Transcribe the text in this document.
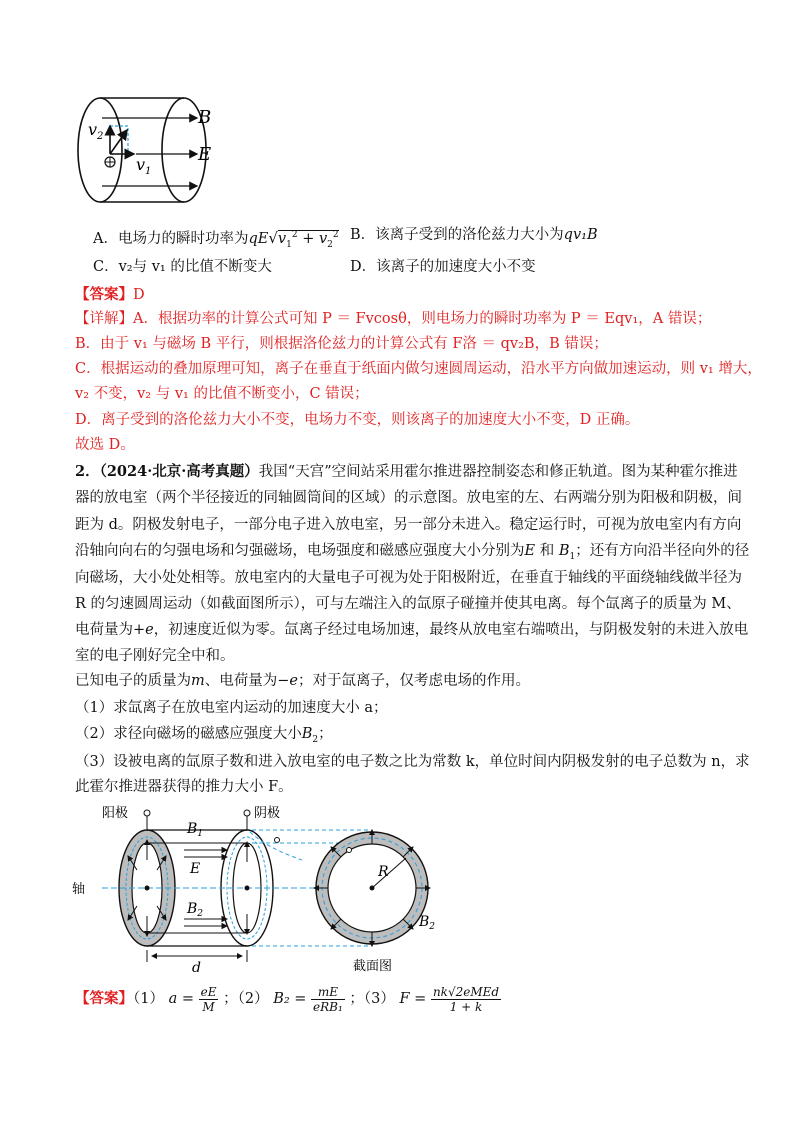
$v_2$
$v_1$
B
E
A．电场力的瞬时功率为$qE√v_1^2 + v_2^2$ B．该离子受到的洛伦兹力大小为qv₁B
C．v₂与 v₁ 的比值不断变大	D．该离子的加速度大小不变
【答案】D
【详解】A．根据功率的计算公式可知 P ＝ Fvcosθ，则电场力的瞬时功率为 P ＝ Eqv₁，A 错误；
B．由于 v₁ 与磁场 B 平行，则根据洛伦兹力的计算公式有 F洛 ＝ qv₂B，B 错误；
C．根据运动的叠加原理可知，离子在垂直于纸面内做匀速圆周运动，沿水平方向做加速运动，则 v₁ 增大，
v₂ 不变，v₂ 与 v₁ 的比值不断变小，C 错误；
D．离子受到的洛伦兹力大小不变，电场力不变，则该离子的加速度大小不变，D 正确。
故选 D。
2．（2024·北京·高考真题）我国“天宫”空间站采用霍尔推进器控制姿态和修正轨道。图为某种霍尔推进
器的放电室（两个半径接近的同轴圆筒间的区域）的示意图。放电室的左、右两端分别为阳极和阴极，间
距为 d。阴极发射电子，一部分电子进入放电室，另一部分未进入。稳定运行时，可视为放电室内有方向
沿轴向向右的匀强电场和匀强磁场，电场强度和磁感应强度大小分别为E 和 $B_1$；还有方向沿半径向外的径
向磁场，大小处处相等。放电室内的大量电子可视为处于阳极附近，在垂直于轴线的平面绕轴线做半径为
R 的匀速圆周运动（如截面图所示），可与左端注入的氙原子碰撞并使其电离。每个氙离子的质量为 M、
电荷量为+e，初速度近似为零。氙离子经过电场加速，最终从放电室右端喷出，与阴极发射的未进入放电
室的电子刚好完全中和。
已知电子的质量为m、电荷量为−e；对于氙离子，仅考虑电场的作用。
（1）求氙离子在放电室内运动的加速度大小 a；
（2）求径向磁场的磁感应强度大小$B_2$；
（3）设被电离的氙原子数和进入放电室的电子数之比为常数 k，单位时间内阴极发射的电子总数为 n，求
此霍尔推进器获得的推力大小 F。
阳极	阴极
$B_1$
E
轴
$B_2$
d
R
$B_2$
截面图
【答案】（1） $a = \frac{eE}{M}$ ；（2） $B_2 = \frac{mE}{\text{eRB₁}}$ ；（3） $F = \frac{\text{nk√2eMEd}}{1 + k}$
